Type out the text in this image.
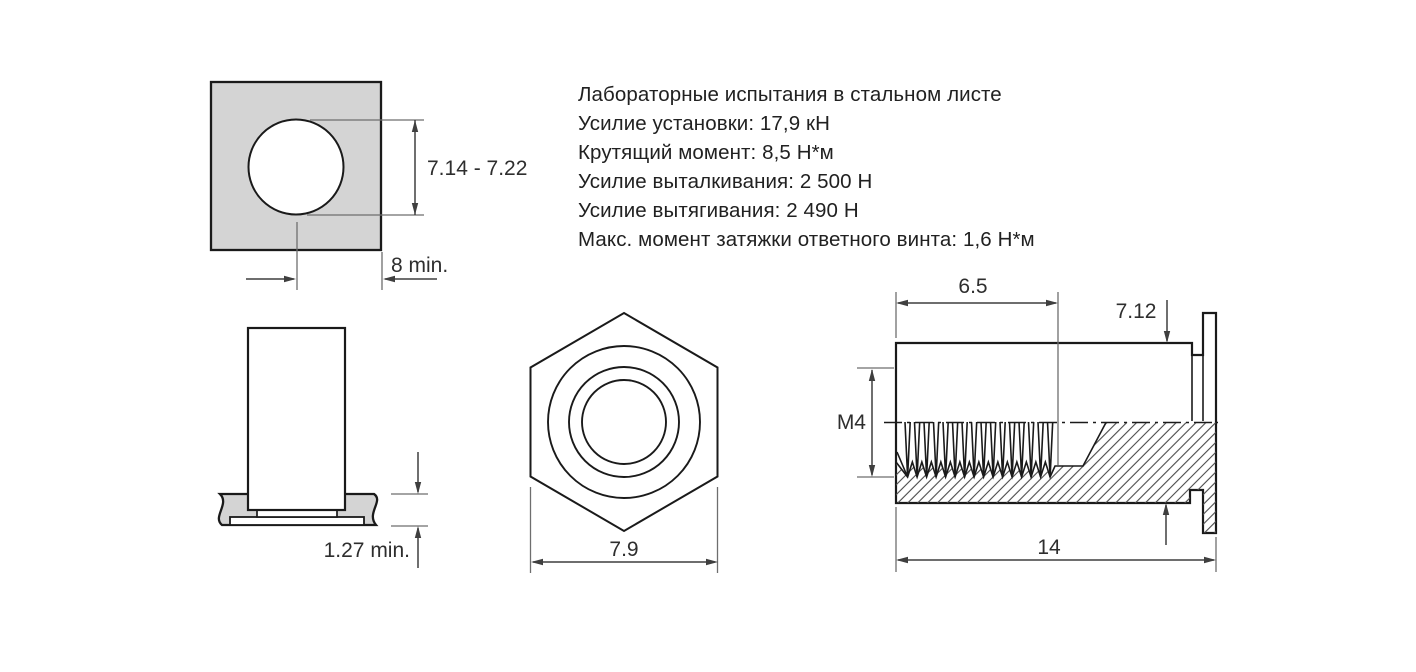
Лабораторные испытания в стальном листе
Усилие установки: 17,9 кН
Крутящий момент: 8,5 Н*м
Усилие выталкивания: 2 500 Н
Усилие вытягивания: 2 490 Н
Макс. момент затяжки ответного винта: 1,6 Н*м
7.14 - 7.22
8 min.
1.27 min.	7.9
6.5
7.12
M4
14
